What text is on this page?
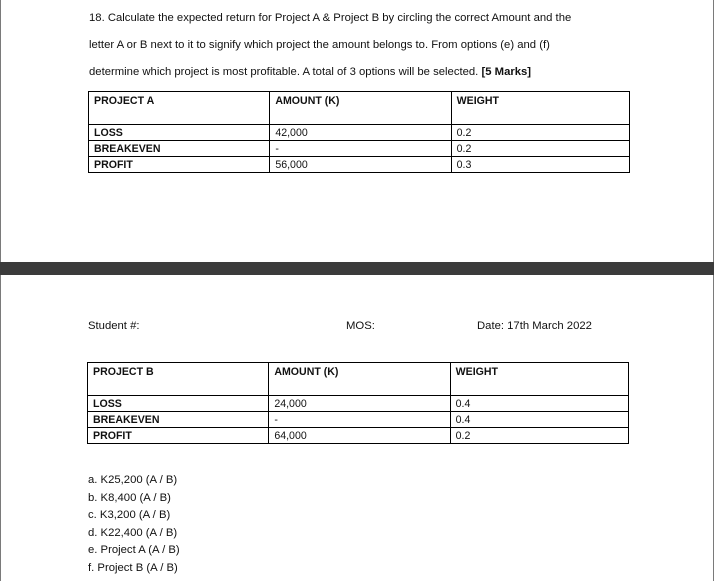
18. Calculate the expected return for Project A & Project B by circling the correct Amount and the
letter A or B next to it to signify which project the amount belongs to. From options (e) and (f)
determine which project is most profitable. A total of 3 options will be selected. [5 Marks]
PROJECT A	AMOUNT (K)	WEIGHT
LOSS	42,000	0.2
BREAKEVEN	-	0.2
PROFIT	56,000	0.3
Student #:	MOS:	Date: 17th March 2022
PROJECT B	AMOUNT (K)	WEIGHT
LOSS	24,000	0.4
BREAKEVEN	-	0.4
PROFIT	64,000	0.2
a. K25,200 (A / B)
b. K8,400 (A / B)
c. K3,200 (A / B)
d. K22,400 (A / B)
e. Project A (A / B)
f. Project B (A / B)
